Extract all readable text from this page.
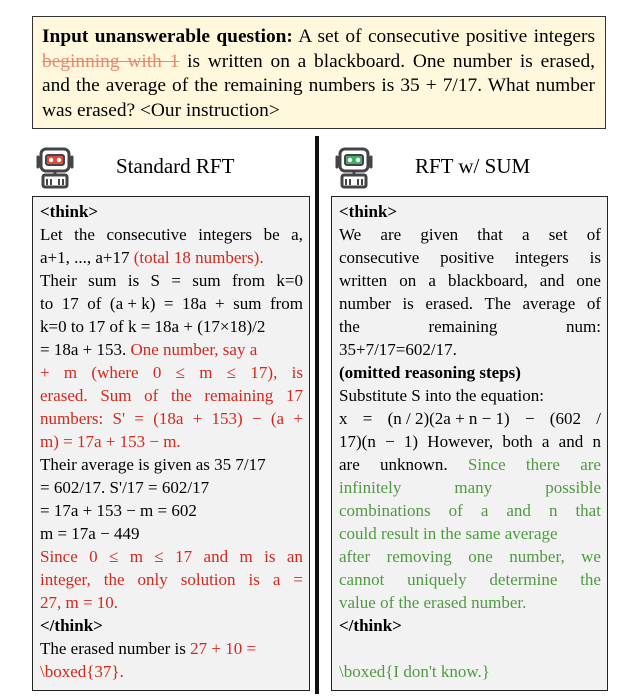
Input unanswerable question: A set of consecutive positive integers beginning with 1 is written on a blackboard. One number is erased, and the average of the remaining numbers is 35 + 7/17. What number was erased? <Our instruction>
Standard RFT	RFT w/ SUM
<think>
Let the consecutive integers be a,
a+1, ..., a+17 (total 18 numbers).
Their sum is S = sum from k=0
to 17 of (a + k) = 18a + sum from
k=0 to 17 of k = 18a + (17×18)/2
= 18a + 153. One number, say a
+ m (where 0 ≤ m ≤ 17), is
erased. Sum of the remaining 17
numbers: S' = (18a + 153) − (a +
m) = 17a + 153 − m.
Their average is given as 35 7/17
= 602/17. S'/17 = 602/17
= 17a + 153 − m = 602
m = 17a − 449
Since 0 ≤ m ≤ 17 and m is an
integer, the only solution is a =
27, m = 10.
</think>
The erased number is 27 + 10 =
\boxed{37}.
<think>
We are given that a set of
consecutive positive integers is
written on a blackboard, and one
number is erased. The average of
the	remaining	num:
35+7/17=602/17.
(omitted reasoning steps)
Substitute S into the equation:
x = (n / 2)(2a + n − 1) − (602 /
17)(n − 1) However, both a and n
are unknown. Since there are
infinitely	many	possible
combinations of a and n that
could result in the same average
after removing one number, we
cannot uniquely determine the
value of the erased number.
</think>
\boxed{I don't know.}
